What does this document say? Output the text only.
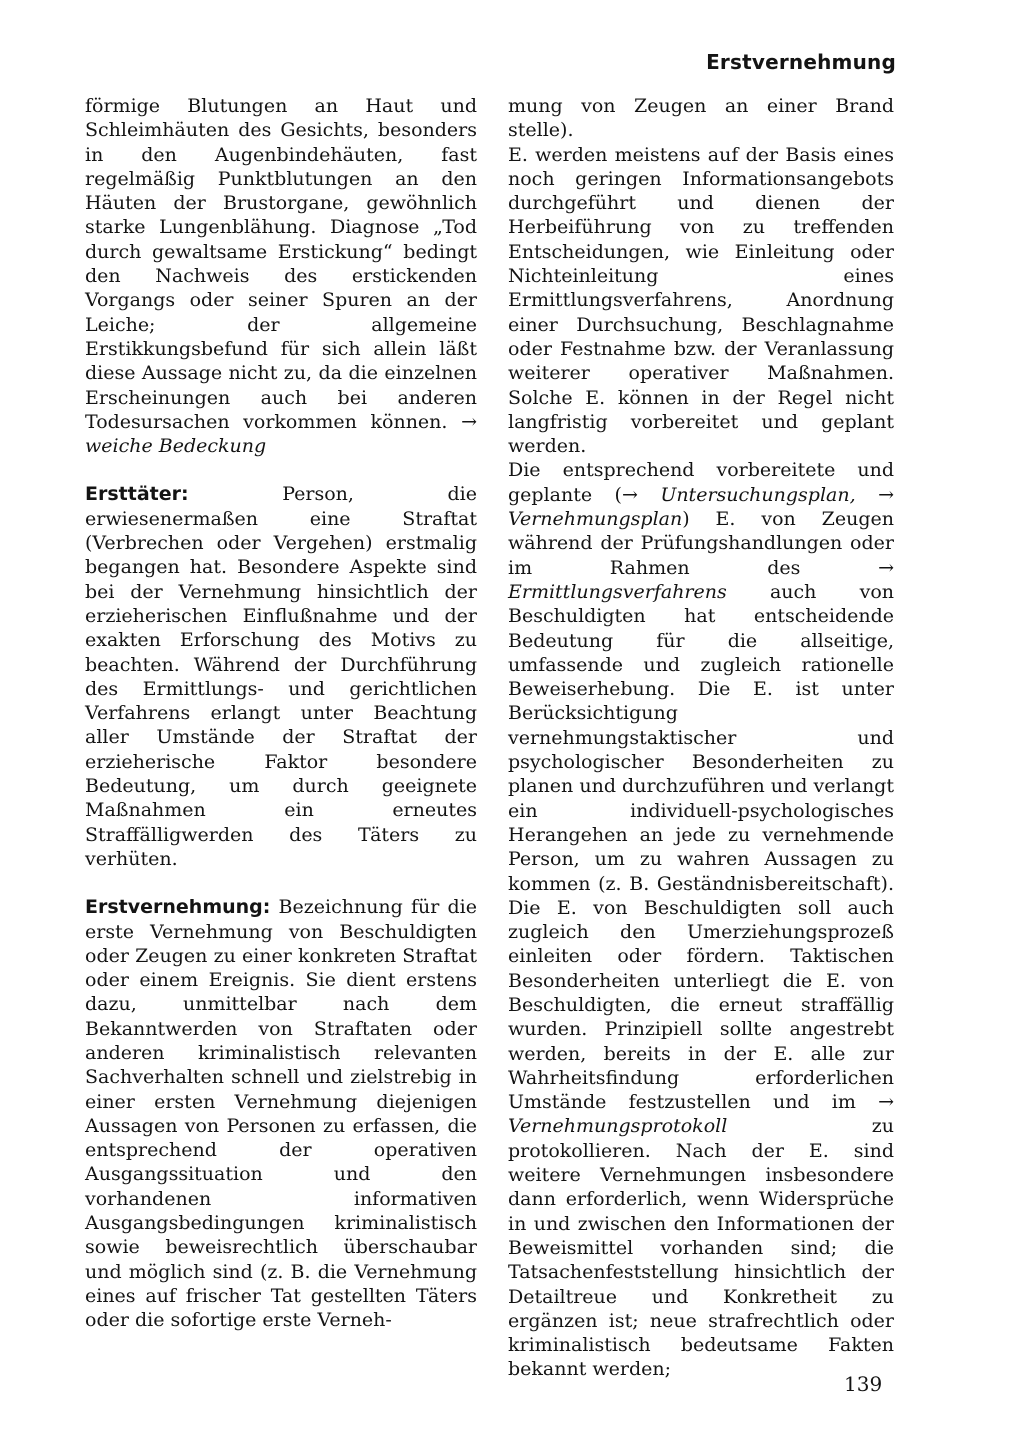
Erstvernehmung

förmige Blutungen an Haut und Schleimhäuten des Gesichts, besonders in den Augenbindehäuten, fast regelmäßig Punktblutungen an den Häuten der Brustorgane, gewöhnlich starke Lungenblähung. Diagnose „Tod durch gewaltsame Erstickung“ bedingt den Nachweis des erstickenden Vorgangs oder seiner Spuren an der Leiche; der allgemeine Erstikkungsbefund für sich allein läßt diese Aussage nicht zu, da die einzelnen Erscheinungen auch bei anderen Todesursachen vorkommen können. → weiche Bedeckung

Ersttäter: Person, die erwiesenermaßen eine Straftat (Verbrechen oder Vergehen) erstmalig begangen hat. Besondere Aspekte sind bei der Vernehmung hinsichtlich der erzieherischen Einflußnahme und der exakten Erforschung des Motivs zu beachten. Während der Durchführung des Ermittlungs- und gerichtlichen Verfahrens erlangt unter Beachtung aller Umstände der Straftat der erzieherische Faktor besondere Bedeutung, um durch geeignete Maßnahmen ein erneutes Straffälligwerden des Täters zu verhüten.

Erstvernehmung: Bezeichnung für die erste Vernehmung von Beschuldigten oder Zeugen zu einer konkreten Straftat oder einem Ereignis. Sie dient erstens dazu, unmittelbar nach dem Bekanntwerden von Straftaten oder anderen kriminalistisch relevanten Sachverhalten schnell und zielstrebig in einer ersten Vernehmung diejenigen Aussagen von Personen zu erfassen, die entsprechend der operativen Ausgangssituation und den vorhandenen informativen Ausgangsbedingungen kriminalistisch sowie beweisrechtlich überschaubar und möglich sind (z. B. die Vernehmung eines auf frischer Tat gestellten Täters oder die sofortige erste Verneh-

mung von Zeugen an einer Brand stelle).

E. werden meistens auf der Basis eines noch geringen Informationsangebots durchgeführt und dienen der Herbeiführung von zu treffenden Entscheidungen, wie Einleitung oder Nichteinleitung eines Ermittlungsverfahrens, Anordnung einer Durchsuchung, Beschlagnahme oder Festnahme bzw. der Veranlassung weiterer operativer Maßnahmen. Solche E. können in der Regel nicht langfristig vorbereitet und geplant werden.

Die entsprechend vorbereitete und geplante (→ Untersuchungsplan, → Vernehmungsplan) E. von Zeugen während der Prüfungshandlungen oder im Rahmen des → Ermittlungsverfahrens auch von Beschuldigten hat entscheidende Bedeutung für die allseitige, umfassende und zugleich rationelle Beweiserhebung. Die E. ist unter Berücksichtigung vernehmungstaktischer und psychologischer Besonderheiten zu planen und durchzuführen und verlangt ein individuell-psychologisches Herangehen an jede zu vernehmende Person, um zu wahren Aussagen zu kommen (z. B. Geständnisbereitschaft). Die E. von Beschuldigten soll auch zugleich den Umerziehungsprozeß einleiten oder fördern. Taktischen Besonderheiten unterliegt die E. von Beschuldigten, die erneut straffällig wurden. Prinzipiell sollte angestrebt werden, bereits in der E. alle zur Wahrheitsfindung erforderlichen Umstände festzustellen und im → Vernehmungsprotokoll zu protokollieren. Nach der E. sind weitere Vernehmungen insbesondere dann erforderlich, wenn Widersprüche in und zwischen den Informationen der Beweismittel vorhanden sind; die Tatsachenfeststellung hinsichtlich der Detailtreue und Konkretheit zu ergänzen ist; neue strafrechtlich oder kriminalistisch bedeutsame Fakten bekannt werden;

139
